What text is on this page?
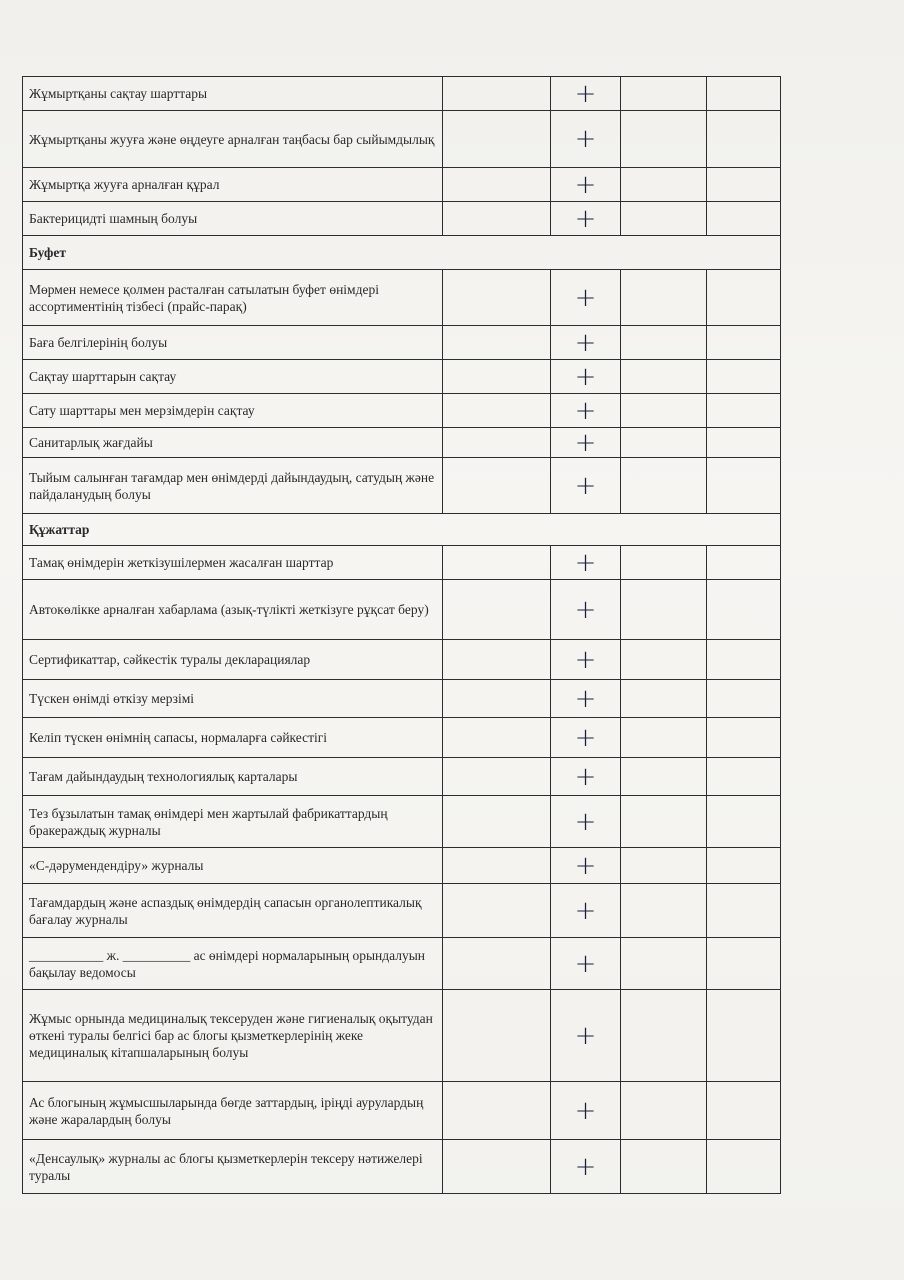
Жұмыртқаны сақтау шарттары		+		
Жұмыртқаны жууға және өңдеуге арналған таңбасы бар сыйымдылық		+		
Жұмыртқа жууға арналған құрал		+		
Бактерицидті шамның болуы		+		
Буфет				
Мөрмен немесе қолмен расталған сатылатын буфет өнімдері ассортиментінің тізбесі (прайс-парақ)		+		
Баға белгілерінің болуы		+		
Сақтау шарттарын сақтау		+		
Сату шарттары мен мерзімдерін сақтау		+		
Санитарлық жағдайы		+		
Тыйым салынған тағамдар мен өнімдерді дайындаудың, сатудың және пайдаланудың болуы		+		
Құжаттар				
Тамақ өнімдерін жеткізушілермен жасалған шарттар		+		
Автокөлікке арналған хабарлама (азық-түлікті жеткізуге рұқсат беру)		+		
Сертификаттар, сәйкестік туралы декларациялар		+		
Түскен өнімді өткізу мерзімі		+		
Келіп түскен өнімнің сапасы, нормаларға сәйкестігі		+		
Тағам дайындаудың технологиялық карталары		+		
Тез бұзылатын тамақ өнімдері мен жартылай фабрикаттардың бракераждық журналы		+		
«С-дәрумендендіру» журналы		+		
Тағамдардың және аспаздық өнімдердің сапасын органолептикалық бағалау журналы		+		
___________ ж. __________ ас өнімдері нормаларының орындалуын бақылау ведомосы		+		
Жұмыс орнында медициналық тексеруден және гигиеналық оқытудан өткені туралы белгісі бар ас блогы қызметкерлерінің жеке медициналық кітапшаларының болуы		+		
Ас блогының жұмысшыларында бөгде заттардың, іріңді аурулардың және жаралардың болуы		+		
«Денсаулық» журналы ас блогы қызметкерлерін тексеру нәтижелері туралы		+		
